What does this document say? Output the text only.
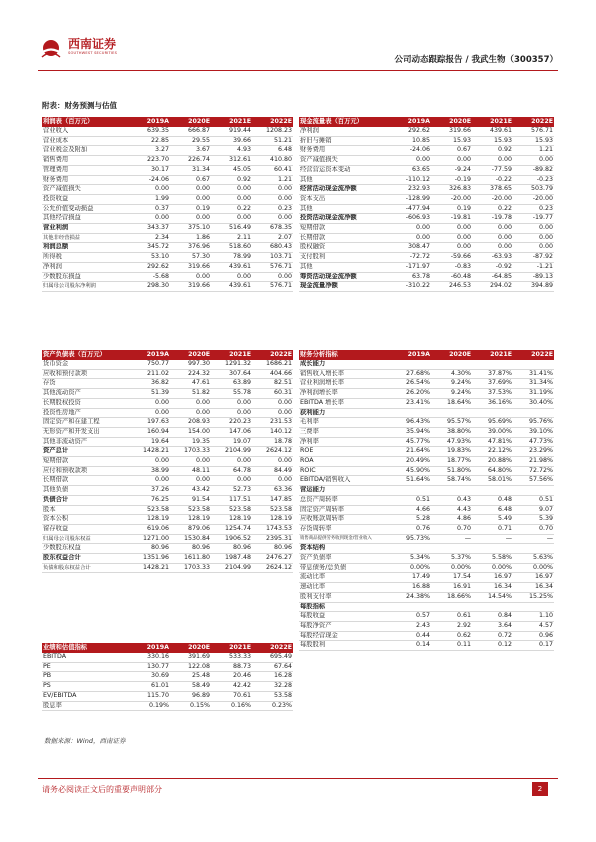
西南证券
SOUTHWEST SECURITIES
公司动态跟踪报告 / 我武生物（300357）
附表：财务预测与估值
利润表（百万元）	2019A	2020E	2021E	2022E
营业收入	639.35	666.87	919.44	1208.23
营业成本	22.85	29.55	39.66	51.21
营业税金及附加	3.27	3.67	4.93	6.48
销售费用	223.70	226.74	312.61	410.80
管理费用	30.17	31.34	45.05	60.41
财务费用	-24.06	0.67	0.92	1.21
资产减值损失	0.00	0.00	0.00	0.00
投资收益	1.99	0.00	0.00	0.00
公允价值变动损益	0.37	0.19	0.22	0.23
其他经营损益	0.00	0.00	0.00	0.00
营业利润	343.37	375.10	516.49	678.35
其他非经营损益	2.34	1.86	2.11	2.07
利润总额	345.72	376.96	518.60	680.43
所得税	53.10	57.30	78.99	103.71
净利润	292.62	319.66	439.61	576.71
少数股东损益	-5.68	0.00	0.00	0.00
归属母公司股东净利润	298.30	319.66	439.61	576.71
现金流量表（百万元）	2019A	2020E	2021E	2022E
净利润	292.62	319.66	439.61	576.71
折旧与摊销	10.85	15.93	15.93	15.93
财务费用	-24.06	0.67	0.92	1.21
资产减值损失	0.00	0.00	0.00	0.00
经营营运资本变动	63.65	-9.24	-77.59	-89.82
其他	-110.12	-0.19	-0.22	-0.23
经营活动现金流净额	232.93	326.83	378.65	503.79
资本支出	-128.99	-20.00	-20.00	-20.00
其他	-477.94	0.19	0.22	0.23
投资活动现金流净额	-606.93	-19.81	-19.78	-19.77
短期借款	0.00	0.00	0.00	0.00
长期借款	0.00	0.00	0.00	0.00
股权融资	308.47	0.00	0.00	0.00
支付股利	-72.72	-59.66	-63.93	-87.92
其他	-171.97	-0.83	-0.92	-1.21
筹资活动现金流净额	63.78	-60.48	-64.85	-89.13
现金流量净额	-310.22	246.53	294.02	394.89
资产负债表（百万元）	2019A	2020E	2021E	2022E
货币资金	750.77	997.30	1291.32	1686.21
应收和预付款项	211.02	224.32	307.64	404.66
存货	36.82	47.61	63.89	82.51
其他流动资产	51.39	51.82	55.78	60.31
长期股权投资	0.00	0.00	0.00	0.00
投资性房地产	0.00	0.00	0.00	0.00
固定资产和在建工程	197.63	208.93	220.23	231.53
无形资产和开发支出	160.94	154.00	147.06	140.12
其他非流动资产	19.64	19.35	19.07	18.78
资产总计	1428.21	1703.33	2104.99	2624.12
短期借款	0.00	0.00	0.00	0.00
应付和预收款项	38.99	48.11	64.78	84.49
长期借款	0.00	0.00	0.00	0.00
其他负债	37.26	43.42	52.73	63.36
负债合计	76.25	91.54	117.51	147.85
股本	523.58	523.58	523.58	523.58
资本公积	128.19	128.19	128.19	128.19
留存收益	619.06	879.06	1254.74	1743.53
归属母公司股东权益	1271.00	1530.84	1906.52	2395.31
少数股东权益	80.96	80.96	80.96	80.96
股东权益合计	1351.96	1611.80	1987.48	2476.27
负债和股东权益合计	1428.21	1703.33	2104.99	2624.12
财务分析指标	2019A	2020E	2021E	2022E
成长能力				
销售收入增长率	27.68%	4.30%	37.87%	31.41%
营业利润增长率	26.54%	9.24%	37.69%	31.34%
净利润增长率	26.20%	9.24%	37.53%	31.19%
EBITDA 增长率	23.41%	18.64%	36.16%	30.40%
获利能力				
毛利率	96.43%	95.57%	95.69%	95.76%
三费率	35.94%	38.80%	39.00%	39.10%
净利率	45.77%	47.93%	47.81%	47.73%
ROE	21.64%	19.83%	22.12%	23.29%
ROA	20.49%	18.77%	20.88%	21.98%
ROIC	45.90%	51.80%	64.80%	72.72%
EBITDA/销售收入	51.64%	58.74%	58.01%	57.56%
营运能力				
总资产周转率	0.51	0.43	0.48	0.51
固定资产周转率	4.66	4.43	6.48	9.07
应收账款周转率	5.28	4.86	5.49	5.39
存货周转率	0.76	0.70	0.71	0.70
销售商品提供劳务收到现金/营业收入	95.73%	—	—	—
资本结构				
资产负债率	5.34%	5.37%	5.58%	5.63%
带息债务/总负债	0.00%	0.00%	0.00%	0.00%
流动比率	17.49	17.54	16.97	16.97
速动比率	16.88	16.91	16.34	16.34
股利支付率	24.38%	18.66%	14.54%	15.25%
每股指标				
每股收益	0.57	0.61	0.84	1.10
每股净资产	2.43	2.92	3.64	4.57
每股经营现金	0.44	0.62	0.72	0.96
每股股利	0.14	0.11	0.12	0.17
业绩和估值指标	2019A	2020E	2021E	2022E
EBITDA	330.16	391.69	533.33	695.49
PE	130.77	122.08	88.73	67.64
PB	30.69	25.48	20.46	16.28
PS	61.01	58.49	42.42	32.28
EV/EBITDA	115.70	96.89	70.61	53.58
股息率	0.19%	0.15%	0.16%	0.23%
数据来源：Wind，西南证券
请务必阅读正文后的重要声明部分	2
